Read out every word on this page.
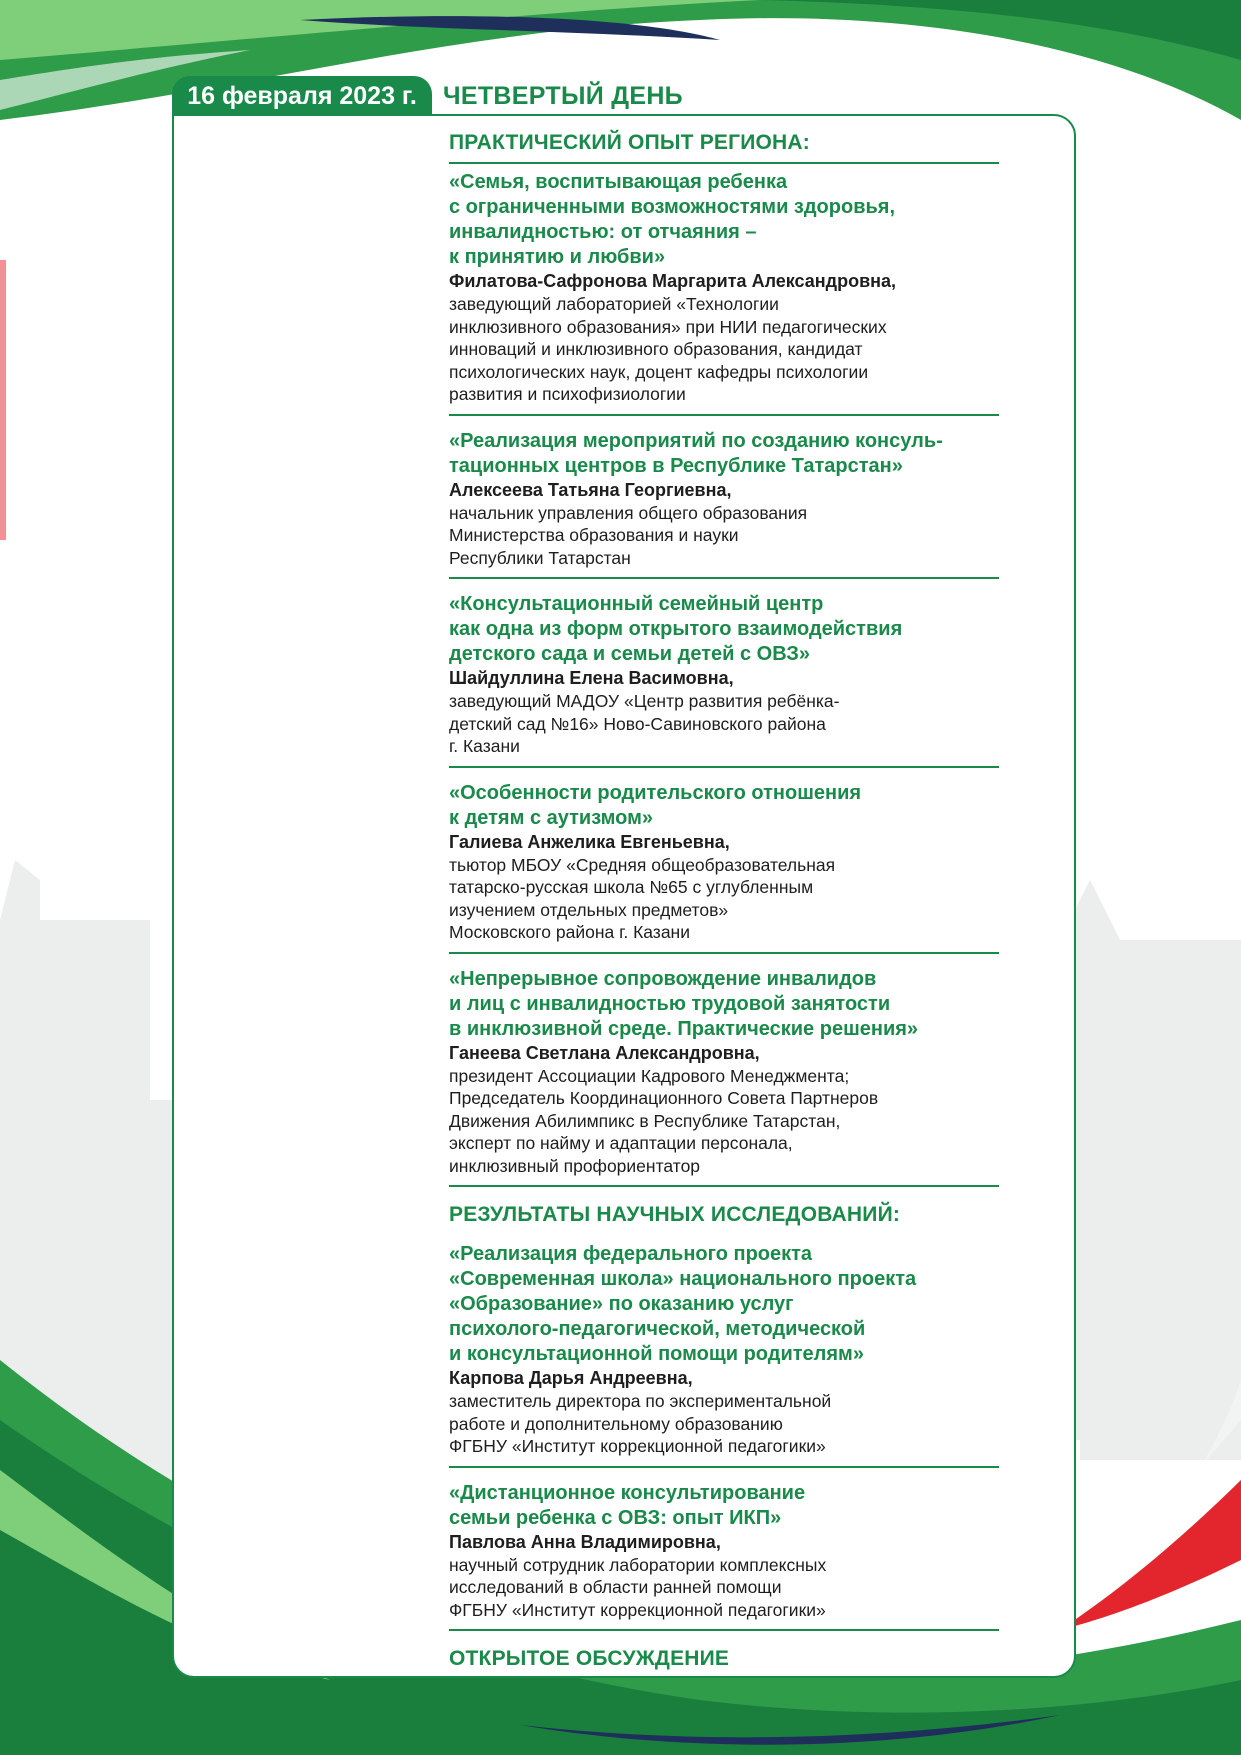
16 февраля 2023 г.	ЧЕТВЕРТЫЙ ДЕНЬ
ПРАКТИЧЕСКИЙ ОПЫТ РЕГИОНА:
«Семья, воспитывающая ребенка
с ограниченными возможностями здоровья,
инвалидностью: от отчаяния –
к принятию и любви»
Филатова-Сафронова Маргарита Александровна,
заведующий лабораторией «Технологии
инклюзивного образования» при НИИ педагогических
инноваций и инклюзивного образования, кандидат
психологических наук, доцент кафедры психологии
развития и психофизиологии
«Реализация мероприятий по созданию консуль-
тационных центров в Республике Татарстан»
Алексеева Татьяна Георгиевна,
начальник управления общего образования
Министерства образования и науки
Республики Татарстан
«Консультационный семейный центр
как одна из форм открытого взаимодействия
детского сада и семьи детей с ОВЗ»
Шайдуллина Елена Васимовна,
заведующий МАДОУ «Центр развития ребёнка-
детский сад №16» Ново-Савиновского района
г. Казани
«Особенности родительского отношения
к детям с аутизмом»
Галиева Анжелика Евгеньевна,
тьютор МБОУ «Средняя общеобразовательная
татарско-русская школа №65 с углубленным
изучением отдельных предметов»
Московского района г. Казани
«Непрерывное сопровождение инвалидов
и лиц с инвалидностью трудовой занятости
в инклюзивной среде. Практические решения»
Ганеева Светлана Александровна,
президент Ассоциации Кадрового Менеджмента;
Председатель Координационного Совета Партнеров
Движения Абилимпикс в Республике Татарстан,
эксперт по найму и адаптации персонала,
инклюзивный профориентатор
РЕЗУЛЬТАТЫ НАУЧНЫХ ИССЛЕДОВАНИЙ:
«Реализация федерального проекта
«Современная школа» национального проекта
«Образование» по оказанию услуг
психолого-педагогической, методической
и консультационной помощи родителям»
Карпова Дарья Андреевна,
заместитель директора по экспериментальной
работе и дополнительному образованию
ФГБНУ «Институт коррекционной педагогики»
«Дистанционное консультирование
семьи ребенка с ОВЗ: опыт ИКП»
Павлова Анна Владимировна,
научный сотрудник лаборатории комплексных
исследований в области ранней помощи
ФГБНУ «Институт коррекционной педагогики»
ОТКРЫТОЕ ОБСУЖДЕНИЕ
